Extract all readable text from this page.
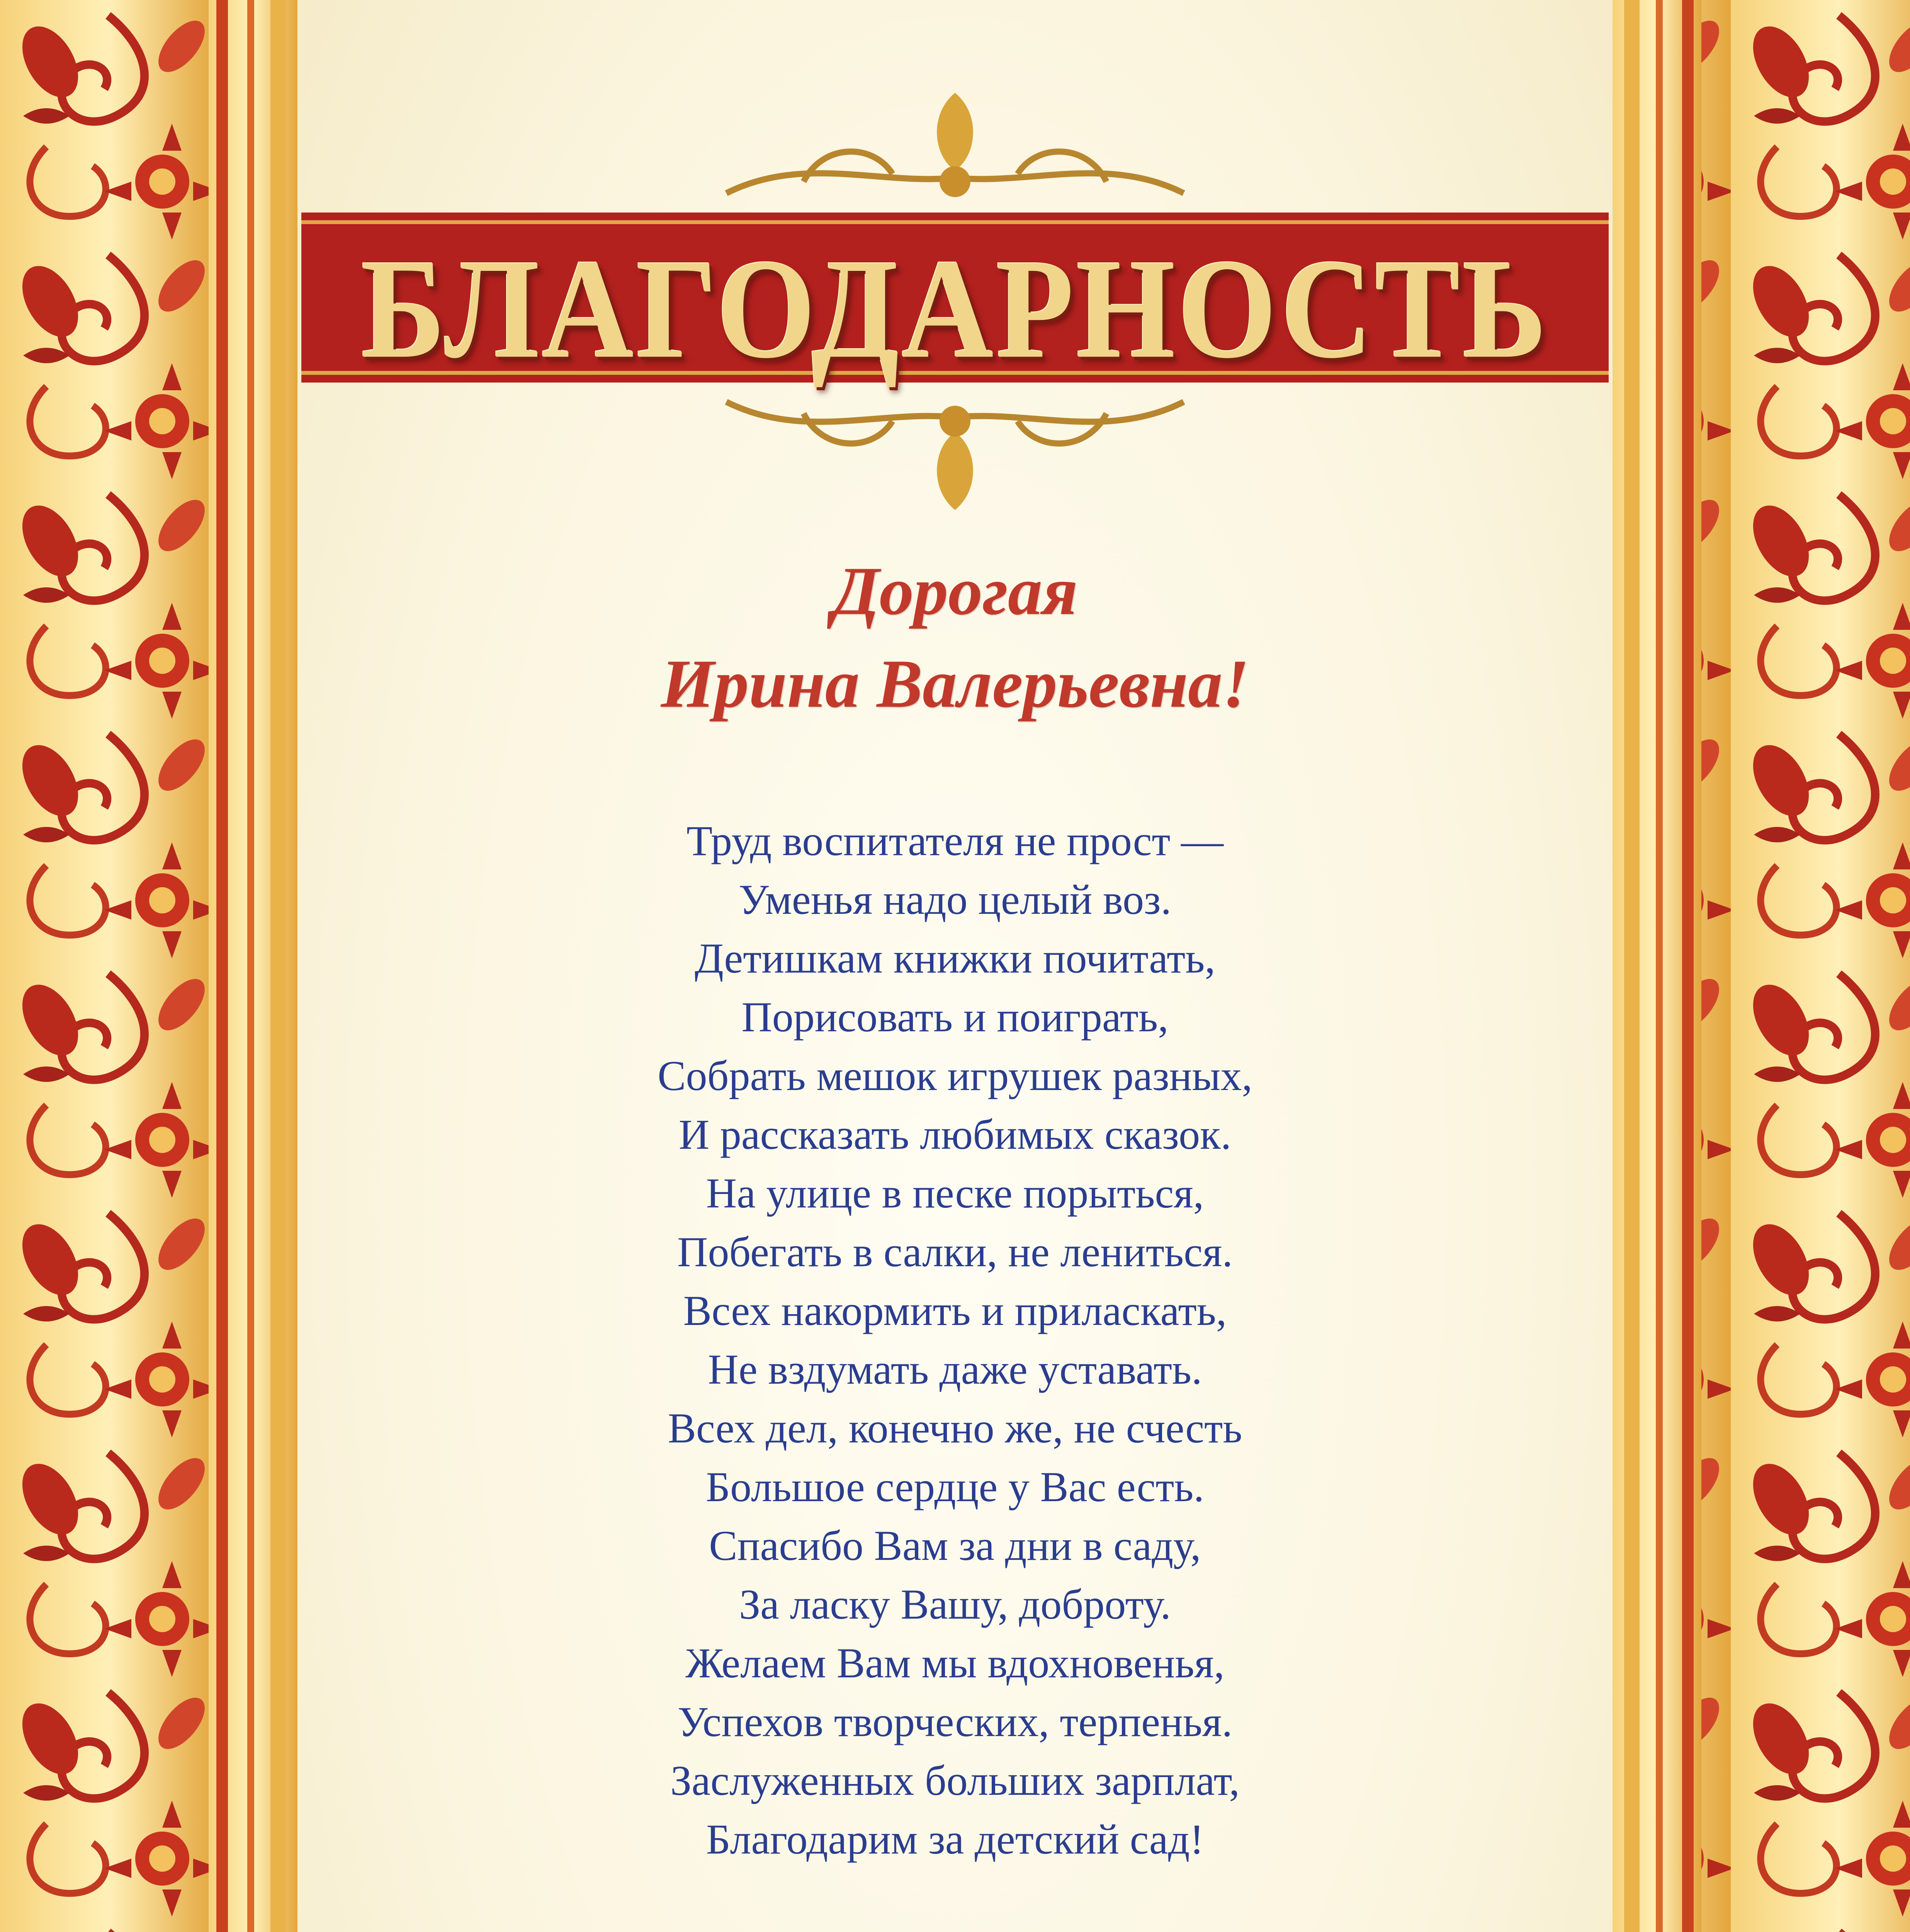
БЛАГОДАРНОСТЬ
Дорогая
Ирина Валерьевна!
Труд воспитателя не прост —
Уменья надо целый воз.
Детишкам книжки почитать,
Порисовать и поиграть,
Собрать мешок игрушек разных,
И рассказать любимых сказок.
На улице в песке порыться,
Побегать в салки, не лениться.
Всех накормить и приласкать,
Не вздумать даже уставать.
Всех дел, конечно же, не счесть
Большое сердце у Вас есть.
Спасибо Вам за дни в саду,
За ласку Вашу, доброту.
Желаем Вам мы вдохновенья,
Успехов творческих, терпенья.
Заслуженных больших зарплат,
Благодарим за детский сад!
